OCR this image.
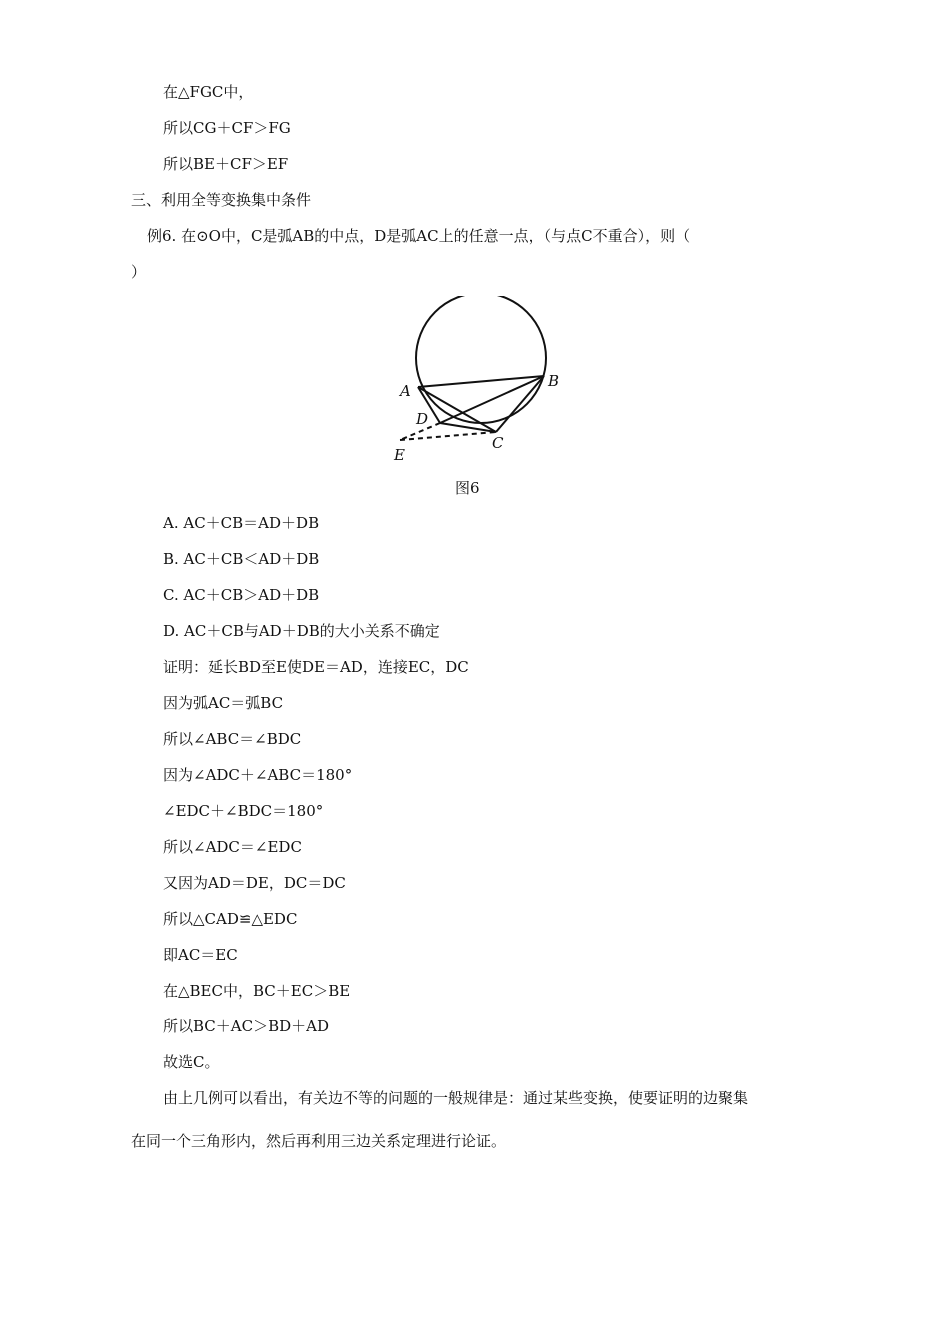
在△FGC中，
所以CG＋CF＞FG
所以BE＋CF＞EF
三、利用全等变换集中条件
例6. 在⊙O中，C是弧AB的中点，D是弧AC上的任意一点，（与点C不重合），则（
）
A
B
C
D
E
图6
A. AC＋CB＝AD＋DB
B. AC＋CB＜AD＋DB
C. AC＋CB＞AD＋DB
D. AC＋CB与AD＋DB的大小关系不确定
证明：延长BD至E使DE＝AD，连接EC，DC
因为弧AC＝弧BC
所以∠ABC＝∠BDC
因为∠ADC＋∠ABC＝180°
∠EDC＋∠BDC＝180°
所以∠ADC＝∠EDC
又因为AD＝DE，DC＝DC
所以△CAD≌△EDC
即AC＝EC
在△BEC中，BC＋EC＞BE
所以BC＋AC＞BD＋AD
故选C。
由上几例可以看出，有关边不等的问题的一般规律是：通过某些变换，使要证明的边聚集
在同一个三角形内，然后再利用三边关系定理进行论证。
